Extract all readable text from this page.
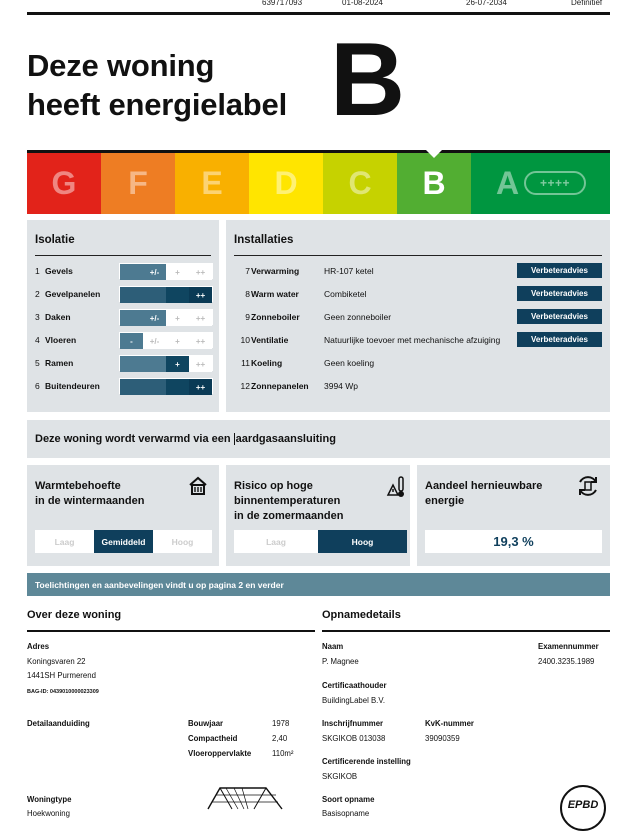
639717093	01-08-2024	26-07-2034	Definitief
Deze woning
heeft energielabel B
G F E D C B A	++++
Isolatie
1 Gevels	+/-	+	++
2 Gevelpanelen	++
3 Daken	+/-	+	++
4 Vloeren	-	+/-	+	++
5 Ramen	+	++
6 Buitendeuren	++
Installaties
7 Verwarming	HR-107 ketel	Verbeteradvies
8 Warm water	Combiketel	Verbeteradvies
9 Zonneboiler	Geen zonneboiler	Verbeteradvies
10 Ventilatie	Natuurlijke toevoer met mechanische afzuiging	Verbeteradvies
11 Koeling	Geen koeling
12 Zonnepanelen 3994 Wp
Deze woning wordt verwarmd via een aardgasaansluiting
Warmtebehoefte
in de wintermaanden
Laag	Gemiddeld	Hoog
Risico op hoge
binnentemperaturen
in de zomermaanden
Laag	Hoog
Aandeel hernieuwbare
energie
19,3 %
Toelichtingen en aanbevelingen vindt u op pagina 2 en verder
Over deze woning
Adres
Koningsvaren 22
1441SH Purmerend
BAG-ID: 0439010000023309
Detailaanduiding	Bouwjaar	1978
Compactheid	2,40
Vloeroppervlakte	110m²
Woningtype
Hoekwoning
Opnamedetails
Naam
P. Magnee
Examennummer
2400.3235.1989
Certificaathouder
BuildingLabel B.V.
Inschrijfnummer
SKGIKOB 013038
KvK-nummer
39090359
Certificerende instelling
SKGIKOB
Soort opname
Basisopname
EPBD
